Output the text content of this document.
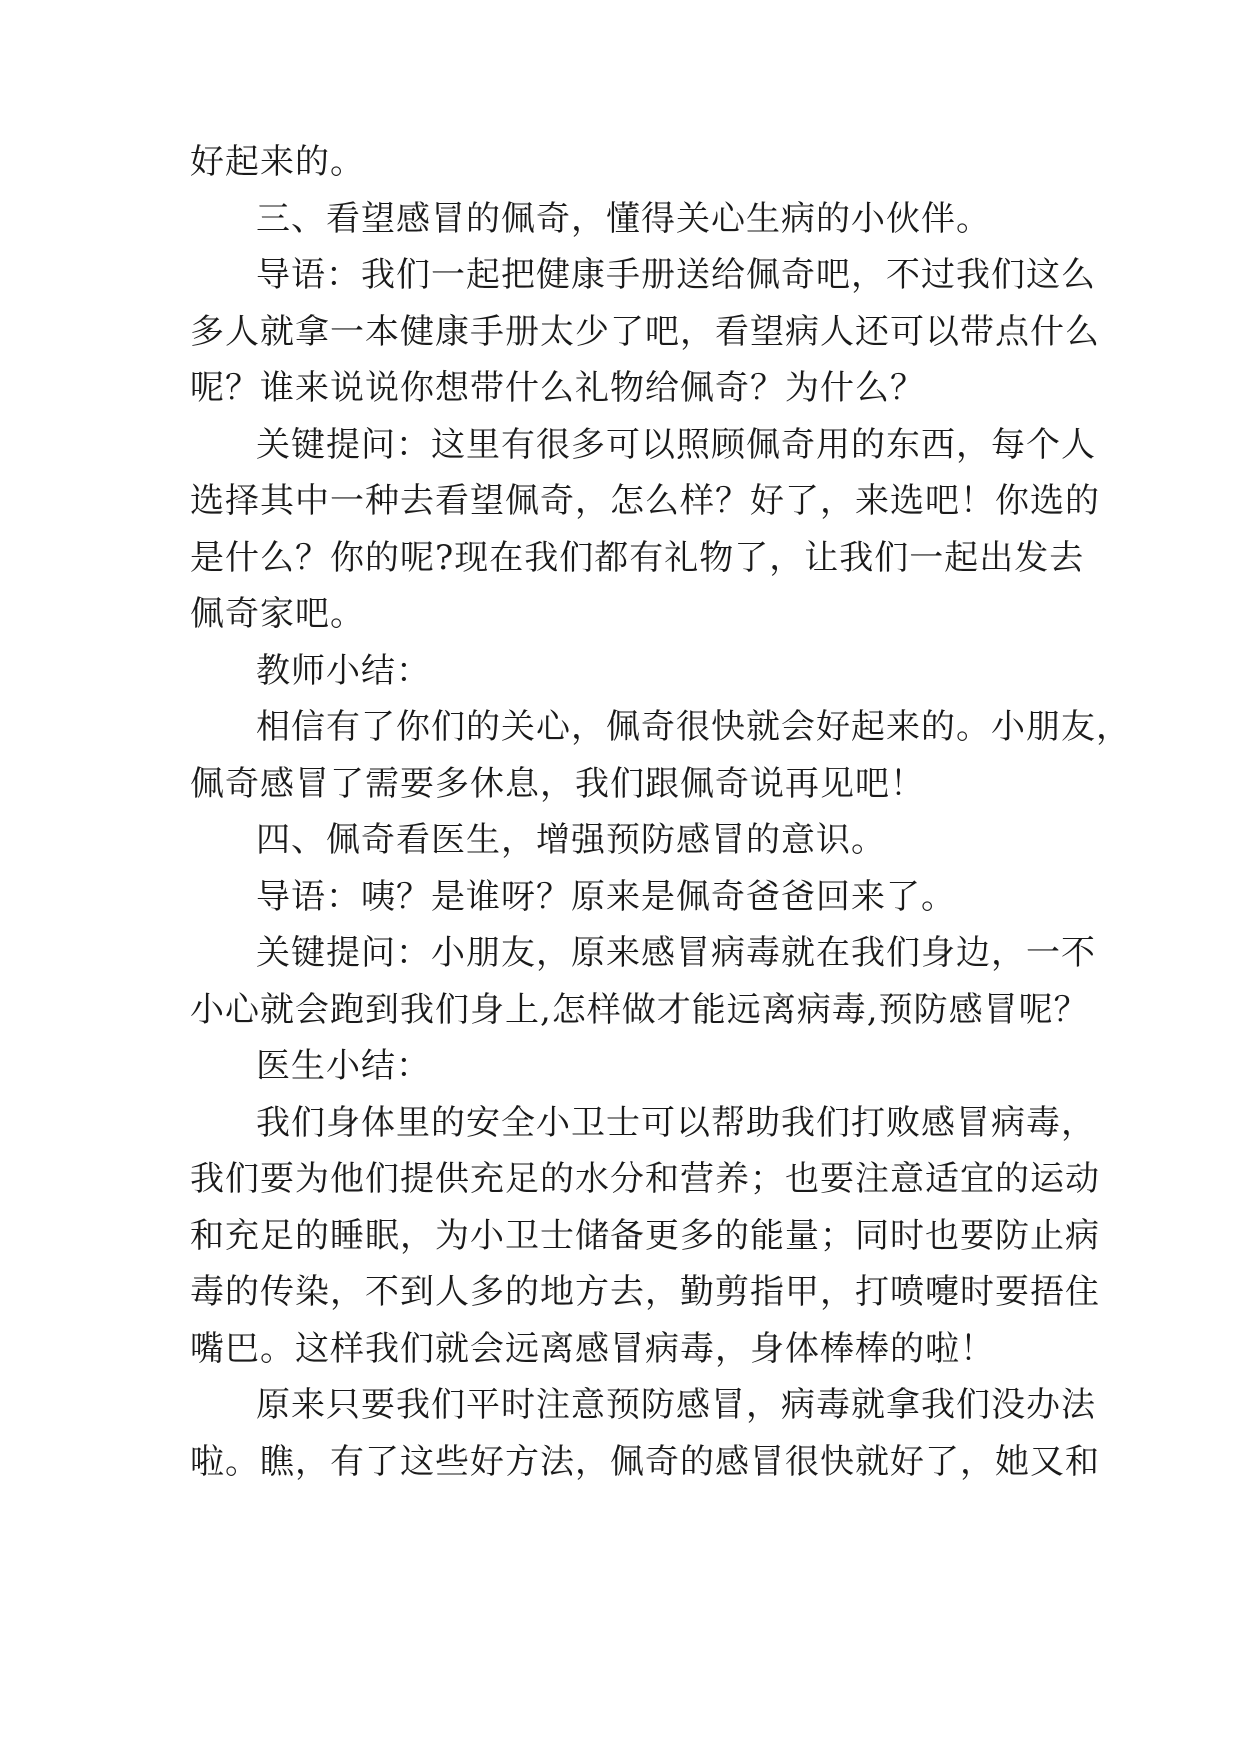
好起来的。

三、看望感冒的佩奇，懂得关心生病的小伙伴。

导语：我们一起把健康手册送给佩奇吧，不过我们这么

多人就拿一本健康手册太少了吧，看望病人还可以带点什么

呢？谁来说说你想带什么礼物给佩奇？为什么？

关键提问：这里有很多可以照顾佩奇用的东西，每个人

选择其中一种去看望佩奇，怎么样？好了，来选吧！你选的

是什么？你的呢?现在我们都有礼物了，让我们一起出发去

佩奇家吧。

教师小结：

相信有了你们的关心，佩奇很快就会好起来的。小朋友，

佩奇感冒了需要多休息，我们跟佩奇说再见吧！

四、佩奇看医生，增强预防感冒的意识。

导语：咦？是谁呀？原来是佩奇爸爸回来了。

关键提问：小朋友，原来感冒病毒就在我们身边，一不

小心就会跑到我们身上,怎样做才能远离病毒,预防感冒呢？

医生小结：

我们身体里的安全小卫士可以帮助我们打败感冒病毒，

我们要为他们提供充足的水分和营养；也要注意适宜的运动

和充足的睡眠，为小卫士储备更多的能量；同时也要防止病

毒的传染，不到人多的地方去，勤剪指甲，打喷嚏时要捂住

嘴巴。这样我们就会远离感冒病毒，身体棒棒的啦！

原来只要我们平时注意预防感冒，病毒就拿我们没办法

啦。瞧，有了这些好方法，佩奇的感冒很快就好了，她又和
